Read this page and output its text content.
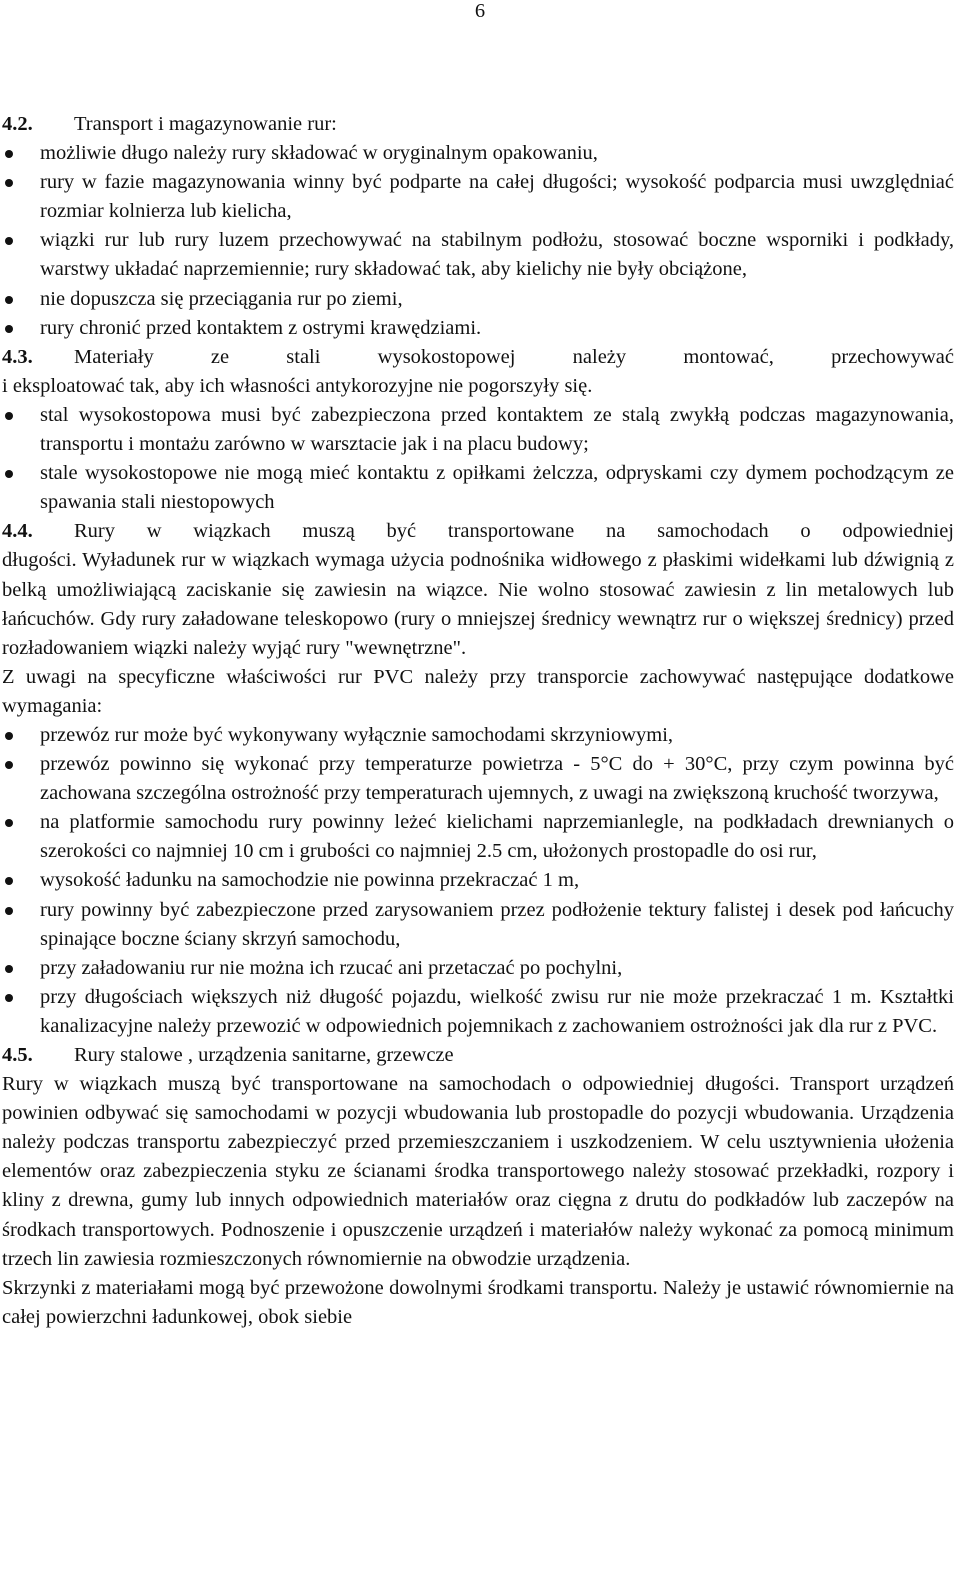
6
4.2.	Transport i magazynowanie rur:
możliwie długo należy rury składować w oryginalnym opakowaniu,
rury w fazie magazynowania winny być podparte na całej długości; wysokość podparcia musi uwzględniać rozmiar kolnierza lub kielicha,
wiązki rur lub rury luzem przechowywać na stabilnym podłożu, stosować boczne wsporniki i podkłady, warstwy układać naprzemiennie; rury składować tak, aby kielichy nie były obciążone,
nie dopuszcza się przeciągania rur po ziemi,
rury chronić przed kontaktem z ostrymi krawędziami.
4.3.	Materiały ze stali wysokostopowej należy montować, przechowywać

i eksploatować tak, aby ich własności antykorozyjne nie pogorszyły się.

stal wysokostopowa musi być zabezpieczona przed kontaktem ze stalą zwykłą podczas magazynowania, transportu i montażu zarówno w warsztacie jak i na placu budowy;
stale wysokostopowe nie mogą mieć kontaktu z opiłkami żelczza, odpryskami czy dymem pochodzącym ze spawania stali niestopowych
4.4.	Rury w wiązkach muszą być transportowane na samochodach o odpowiedniej

długości. Wyładunek rur w wiązkach wymaga użycia podnośnika widłowego z płaskimi widełkami lub dźwignią z belką umożliwiającą zaciskanie się zawiesin na wiązce. Nie wolno stosować zawiesin z lin metalowych lub łańcuchów. Gdy rury załadowane teleskopowo (rury o mniejszej średnicy wewnątrz rur o większej średnicy) przed rozładowaniem wiązki należy wyjąć rury "wewnętrzne".

Z uwagi na specyficzne właściwości rur PVC należy przy transporcie zachowywać następujące dodatkowe wymagania:

przewóz rur może być wykonywany wyłącznie samochodami skrzyniowymi,
przewóz powinno się wykonać przy temperaturze powietrza - 5°C do + 30°C, przy czym powinna być zachowana szczególna ostrożność przy temperaturach ujemnych, z uwagi na zwiększoną kruchość tworzywa,
na platformie samochodu rury powinny leżeć kielichami naprzemianlegle, na podkładach drewnianych o szerokości co najmniej 10 cm i grubości co najmniej 2.5 cm, ułożonych prostopadle do osi rur,
wysokość ładunku na samochodzie nie powinna przekraczać 1 m,
rury powinny być zabezpieczone przed zarysowaniem przez podłożenie tektury falistej i desek pod łańcuchy spinające boczne ściany skrzyń samochodu,
przy załadowaniu rur nie można ich rzucać ani przetaczać po pochylni,
przy długościach większych niż długość pojazdu, wielkość zwisu rur nie może przekraczać 1 m. Kształtki kanalizacyjne należy przewozić w odpowiednich pojemnikach z zachowaniem ostrożności jak dla rur z PVC.
4.5.	Rury stalowe , urządzenia sanitarne, grzewcze

Rury w wiązkach muszą być transportowane na samochodach o odpowiedniej długości. Transport urządzeń powinien odbywać się samochodami w pozycji wbudowania lub prostopadle do pozycji wbudowania. Urządzenia należy podczas transportu zabezpieczyć przed przemieszczaniem i uszkodzeniem. W celu usztywnienia ułożenia elementów oraz zabezpieczenia styku ze ścianami środka transportowego należy stosować przekładki, rozpory i kliny z drewna, gumy lub innych odpowiednich materiałów oraz cięgna z drutu do podkładów lub zaczepów na środkach transportowych. Podnoszenie i opuszczenie urządzeń i materiałów należy wykonać za pomocą minimum trzech lin zawiesia rozmieszczonych równomiernie na obwodzie urządzenia.

Skrzynki z materiałami mogą być przewożone dowolnymi środkami transportu. Należy je ustawić równomiernie na całej powierzchni ładunkowej, obok siebie
